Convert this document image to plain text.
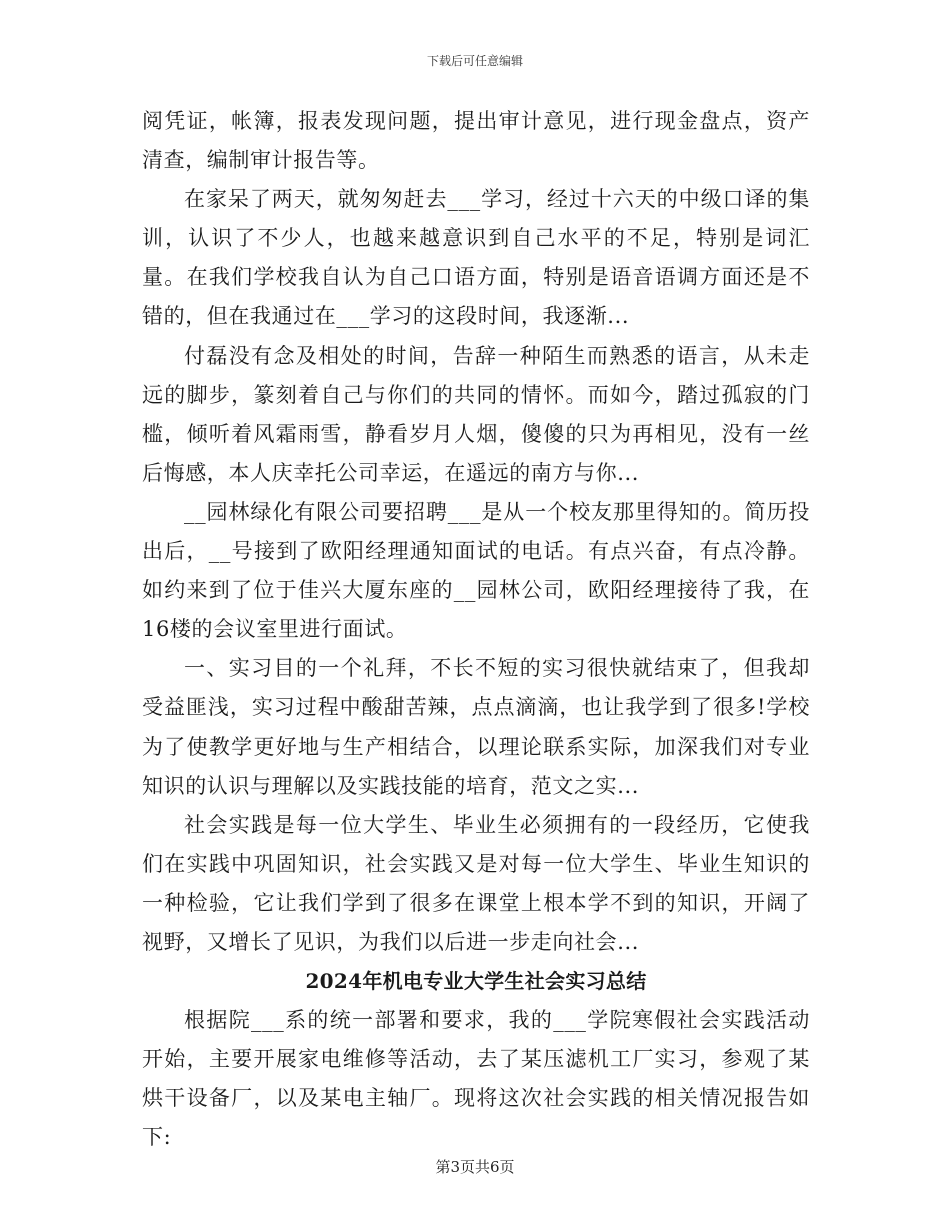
下载后可任意编辑

阅凭证，帐簿，报表发现问题，提出审计意见，进行现金盘点，资产清查，编制审计报告等。

在家呆了两天，就匆匆赶去___学习，经过十六天的中级口译的集训，认识了不少人，也越来越意识到自己水平的不足，特别是词汇量。在我们学校我自认为自己口语方面，特别是语音语调方面还是不错的，但在我通过在___学习的这段时间，我逐渐...

付磊没有念及相处的时间，告辞一种陌生而熟悉的语言，从未走远的脚步，篆刻着自己与你们的共同的情怀。而如今，踏过孤寂的门槛，倾听着风霜雨雪，静看岁月人烟，傻傻的只为再相见，没有一丝后悔感，本人庆幸托公司幸运，在遥远的南方与你...

__园林绿化有限公司要招聘___是从一个校友那里得知的。简历投出后，__号接到了欧阳经理通知面试的电话。有点兴奋，有点冷静。如约来到了位于佳兴大厦东座的__园林公司，欧阳经理接待了我，在16楼的会议室里进行面试。

一、实习目的一个礼拜，不长不短的实习很快就结束了，但我却受益匪浅，实习过程中酸甜苦辣，点点滴滴，也让我学到了很多!学校为了使教学更好地与生产相结合，以理论联系实际，加深我们对专业知识的认识与理解以及实践技能的培育，范文之实...

社会实践是每一位大学生、毕业生必须拥有的一段经历，它使我们在实践中巩固知识，社会实践又是对每一位大学生、毕业生知识的一种检验，它让我们学到了很多在课堂上根本学不到的知识，开阔了视野，又增长了见识，为我们以后进一步走向社会...

2024年机电专业大学生社会实习总结

根据院___系的统一部署和要求，我的___学院寒假社会实践活动开始，主要开展家电维修等活动，去了某压滤机工厂实习，参观了某烘干设备厂，以及某电主轴厂。现将这次社会实践的相关情况报告如下:

第3页共6页
